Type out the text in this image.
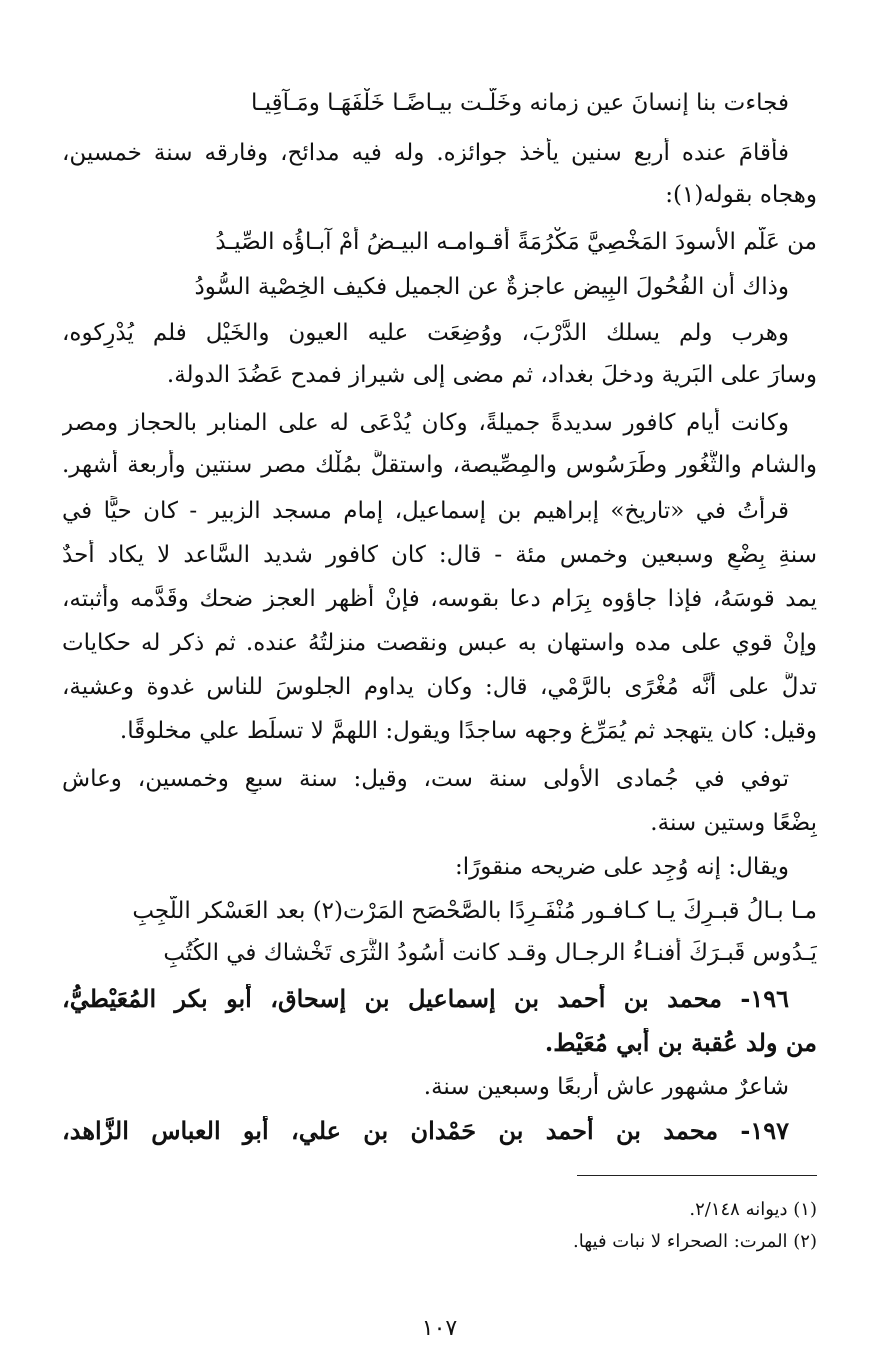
فجاءت بنا إنسانَ عين زمانه وخَلَّـت بيـاضًـا خَلْفَهَـا ومَـآقِيـا
فأقامَ عنده أربع سنين يأخذ جوائزه. وله فيه مدائح، وفارقه سنة خمسين،
وهجاه بقوله(١):
من عَلَّم الأسودَ المَخْصِيَّ مَكْرُمَةً أقـوامـه البيـضُ أمْ آبـاؤُه الصِّيـدُ
وذاك أن الفُحُولَ البِيض عاجزةٌ عن الجميل فكيف الخِصْية السُّودُ
وهرب ولم يسلك الدَّرْبَ، ووُضِعَت عليه العيون والخَيْل فلم يُدْرِكوه،
وسارَ على البَرية ودخلَ بغداد، ثم مضى إلى شيراز فمدح عَضُدَ الدولة.
وكانت أيام كافور سديدةً جميلةً، وكان يُدْعَى له على المنابر بالحجاز ومصر
والشام والثُّغُور وطَرَسُوس والمِصِّيصة، واستقلَّ بمُلْك مصر سنتين وأربعة أشهر.
قرأتُ في «تاريخ» إبراهيم بن إسماعيل، إمام مسجد الزبير - كان حيًّا في
سنةِ بِضْعٍ وسبعين وخمس مئة - قال: كان كافور شديد السَّاعد لا يكاد أحدٌ
يمد قوسَهُ، فإذا جاؤوه بِرَام دعا بقوسه، فإنْ أظهر العجز ضحك وقَدَّمه وأثبته،
وإنْ قوي على مده واستهان به عبس ونقصت منزلتُهُ عنده. ثم ذكر له حكايات
تدلُّ على أنَّه مُغْرًى بالرَّمْي، قال: وكان يداوم الجلوسَ للناس غدوة وعشية،
وقيل: كان يتهجد ثم يُمَرِّغ وجهه ساجدًا ويقول: اللهمَّ لا تسلِّط علي مخلوقًا.
توفي في جُمادى الأولى سنة ست، وقيل: سنة سبعٍ وخمسين، وعاش
بِضْعًا وستين سنة.
ويقال: إنه وُجِد على ضريحه منقورًا:
مـا بـالُ قبـرِكَ يـا كـافـور مُنْفَـرِدًا بالصَّحْصَح المَرْت(٢) بعد العَسْكر اللَّجِبِ
يَـدُوس قَبـرَكَ أفنـاءُ الرجـال وقـد كانت أُسُودُ الثَّرَى تَخْشاك في الكُتُبِ
١٩٦- محمد بن أحمد بن إسماعيل بن إسحاق، أبو بكر المُعَيْطيُّ،
من ولد عُقبة بن أبي مُعَيْط.
شاعرٌ مشهور عاش أربعًا وسبعين سنة.
١٩٧- محمد بن أحمد بن حَمْدان بن علي، أبو العباس الزَّاهد،
(١) ديوانه ٢/١٤٨.
(٢) المرت: الصحراء لا نبات فيها.
١٠٧
